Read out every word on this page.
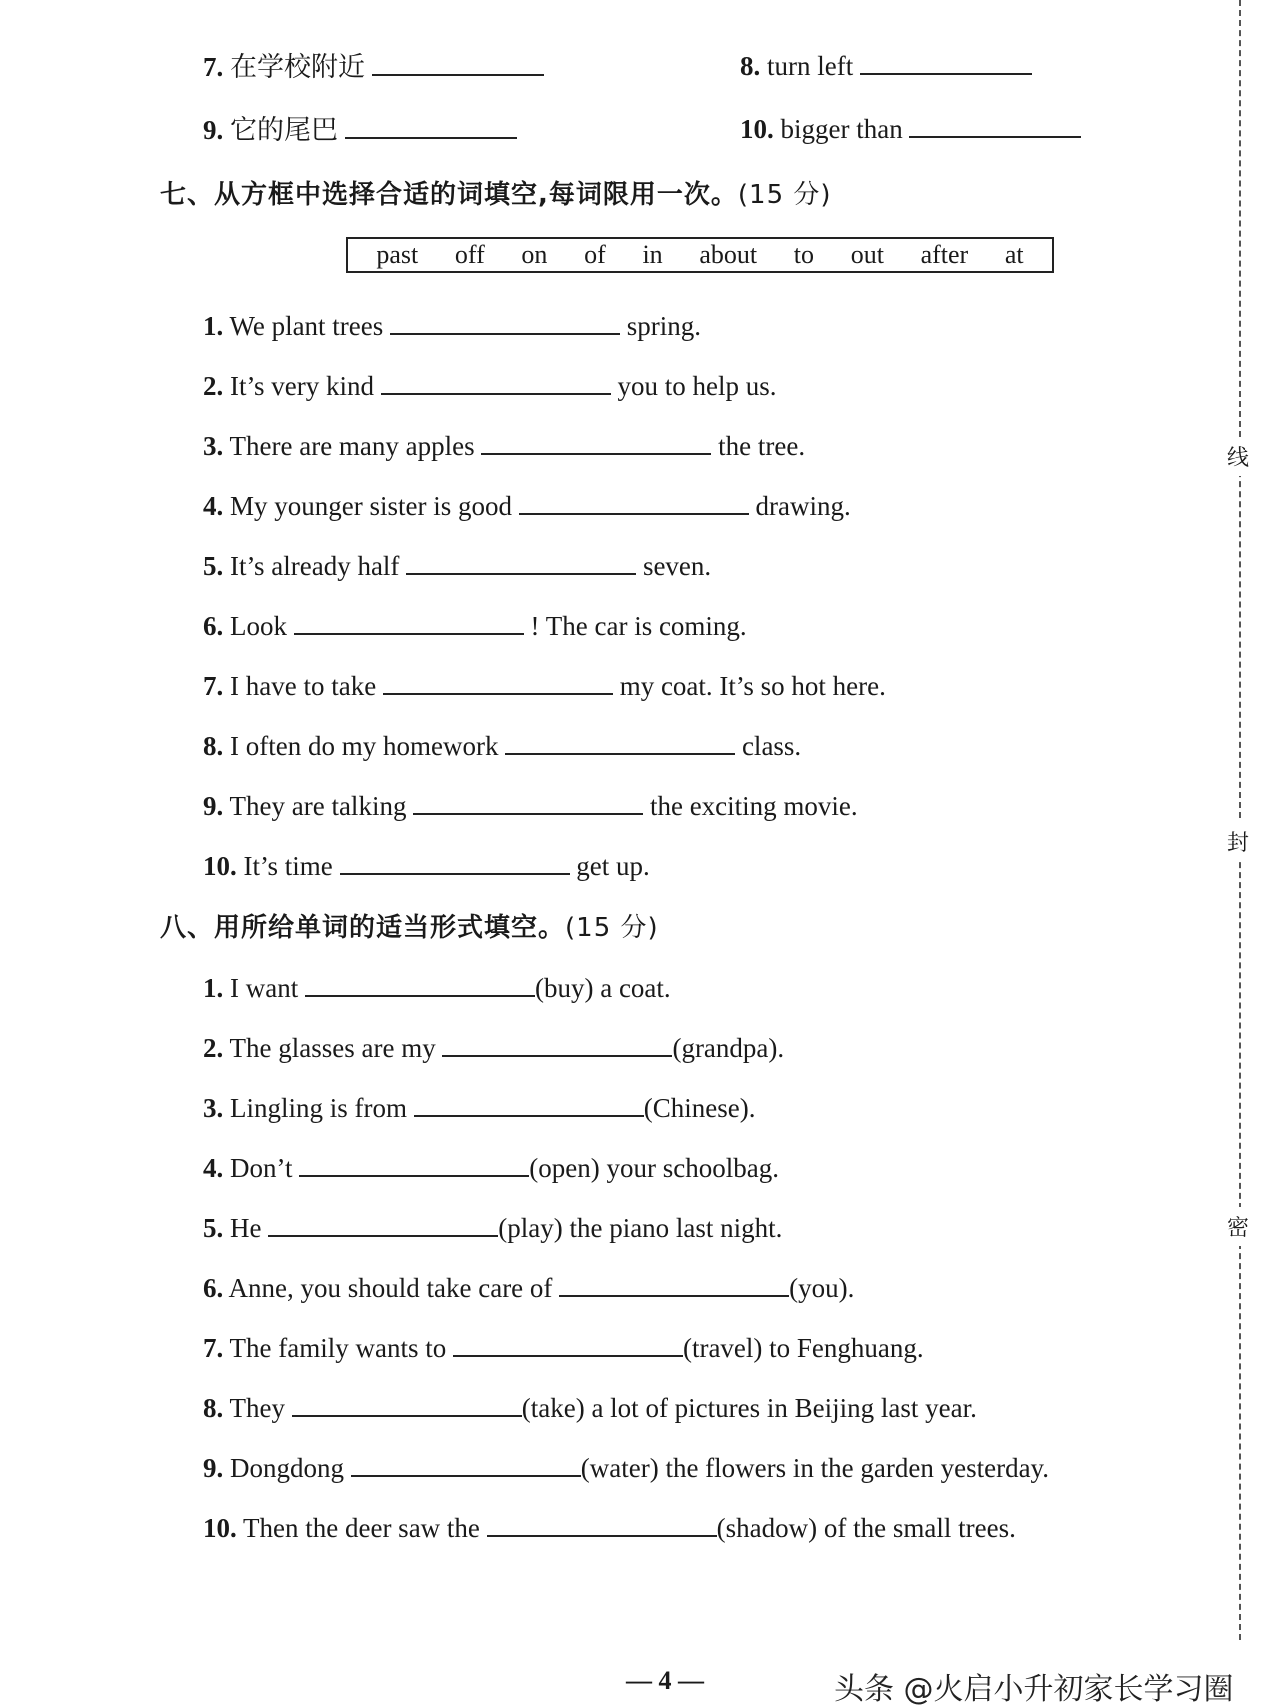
7. 在学校附近	8. turn left
9. 它的尾巴	10. bigger than
七、从方框中选择合适的词填空,每词限用一次。(15 分)
past off on of in about to out after at
1. We plant trees	spring.
2. It’s very kind	you to help us.
3. There are many apples	the tree.
4. My younger sister is good	drawing.
5. It’s already half	seven.
6. Look	! The car is coming.
7. I have to take	my coat. It’s so hot here.
8. I often do my homework	class.
9. They are talking	the exciting movie.
10. It’s time	get up.
八、用所给单词的适当形式填空。(15 分)
1. I want	(buy) a coat.
2. The glasses are my	(grandpa).
3. Lingling is from	(Chinese).
4. Don’t	(open) your schoolbag.
5. He	(play) the piano last night.
6. Anne, you should take care of	(you).
7. The family wants to	(travel) to Fenghuang.
8. They	(take) a lot of pictures in Beijing last year.
9. Dongdong	(water) the flowers in the garden yesterday.
10. Then the deer saw the	(shadow) of the small trees.
线
封
密
— 4 —	头条 @火启小升初家长学习圈
